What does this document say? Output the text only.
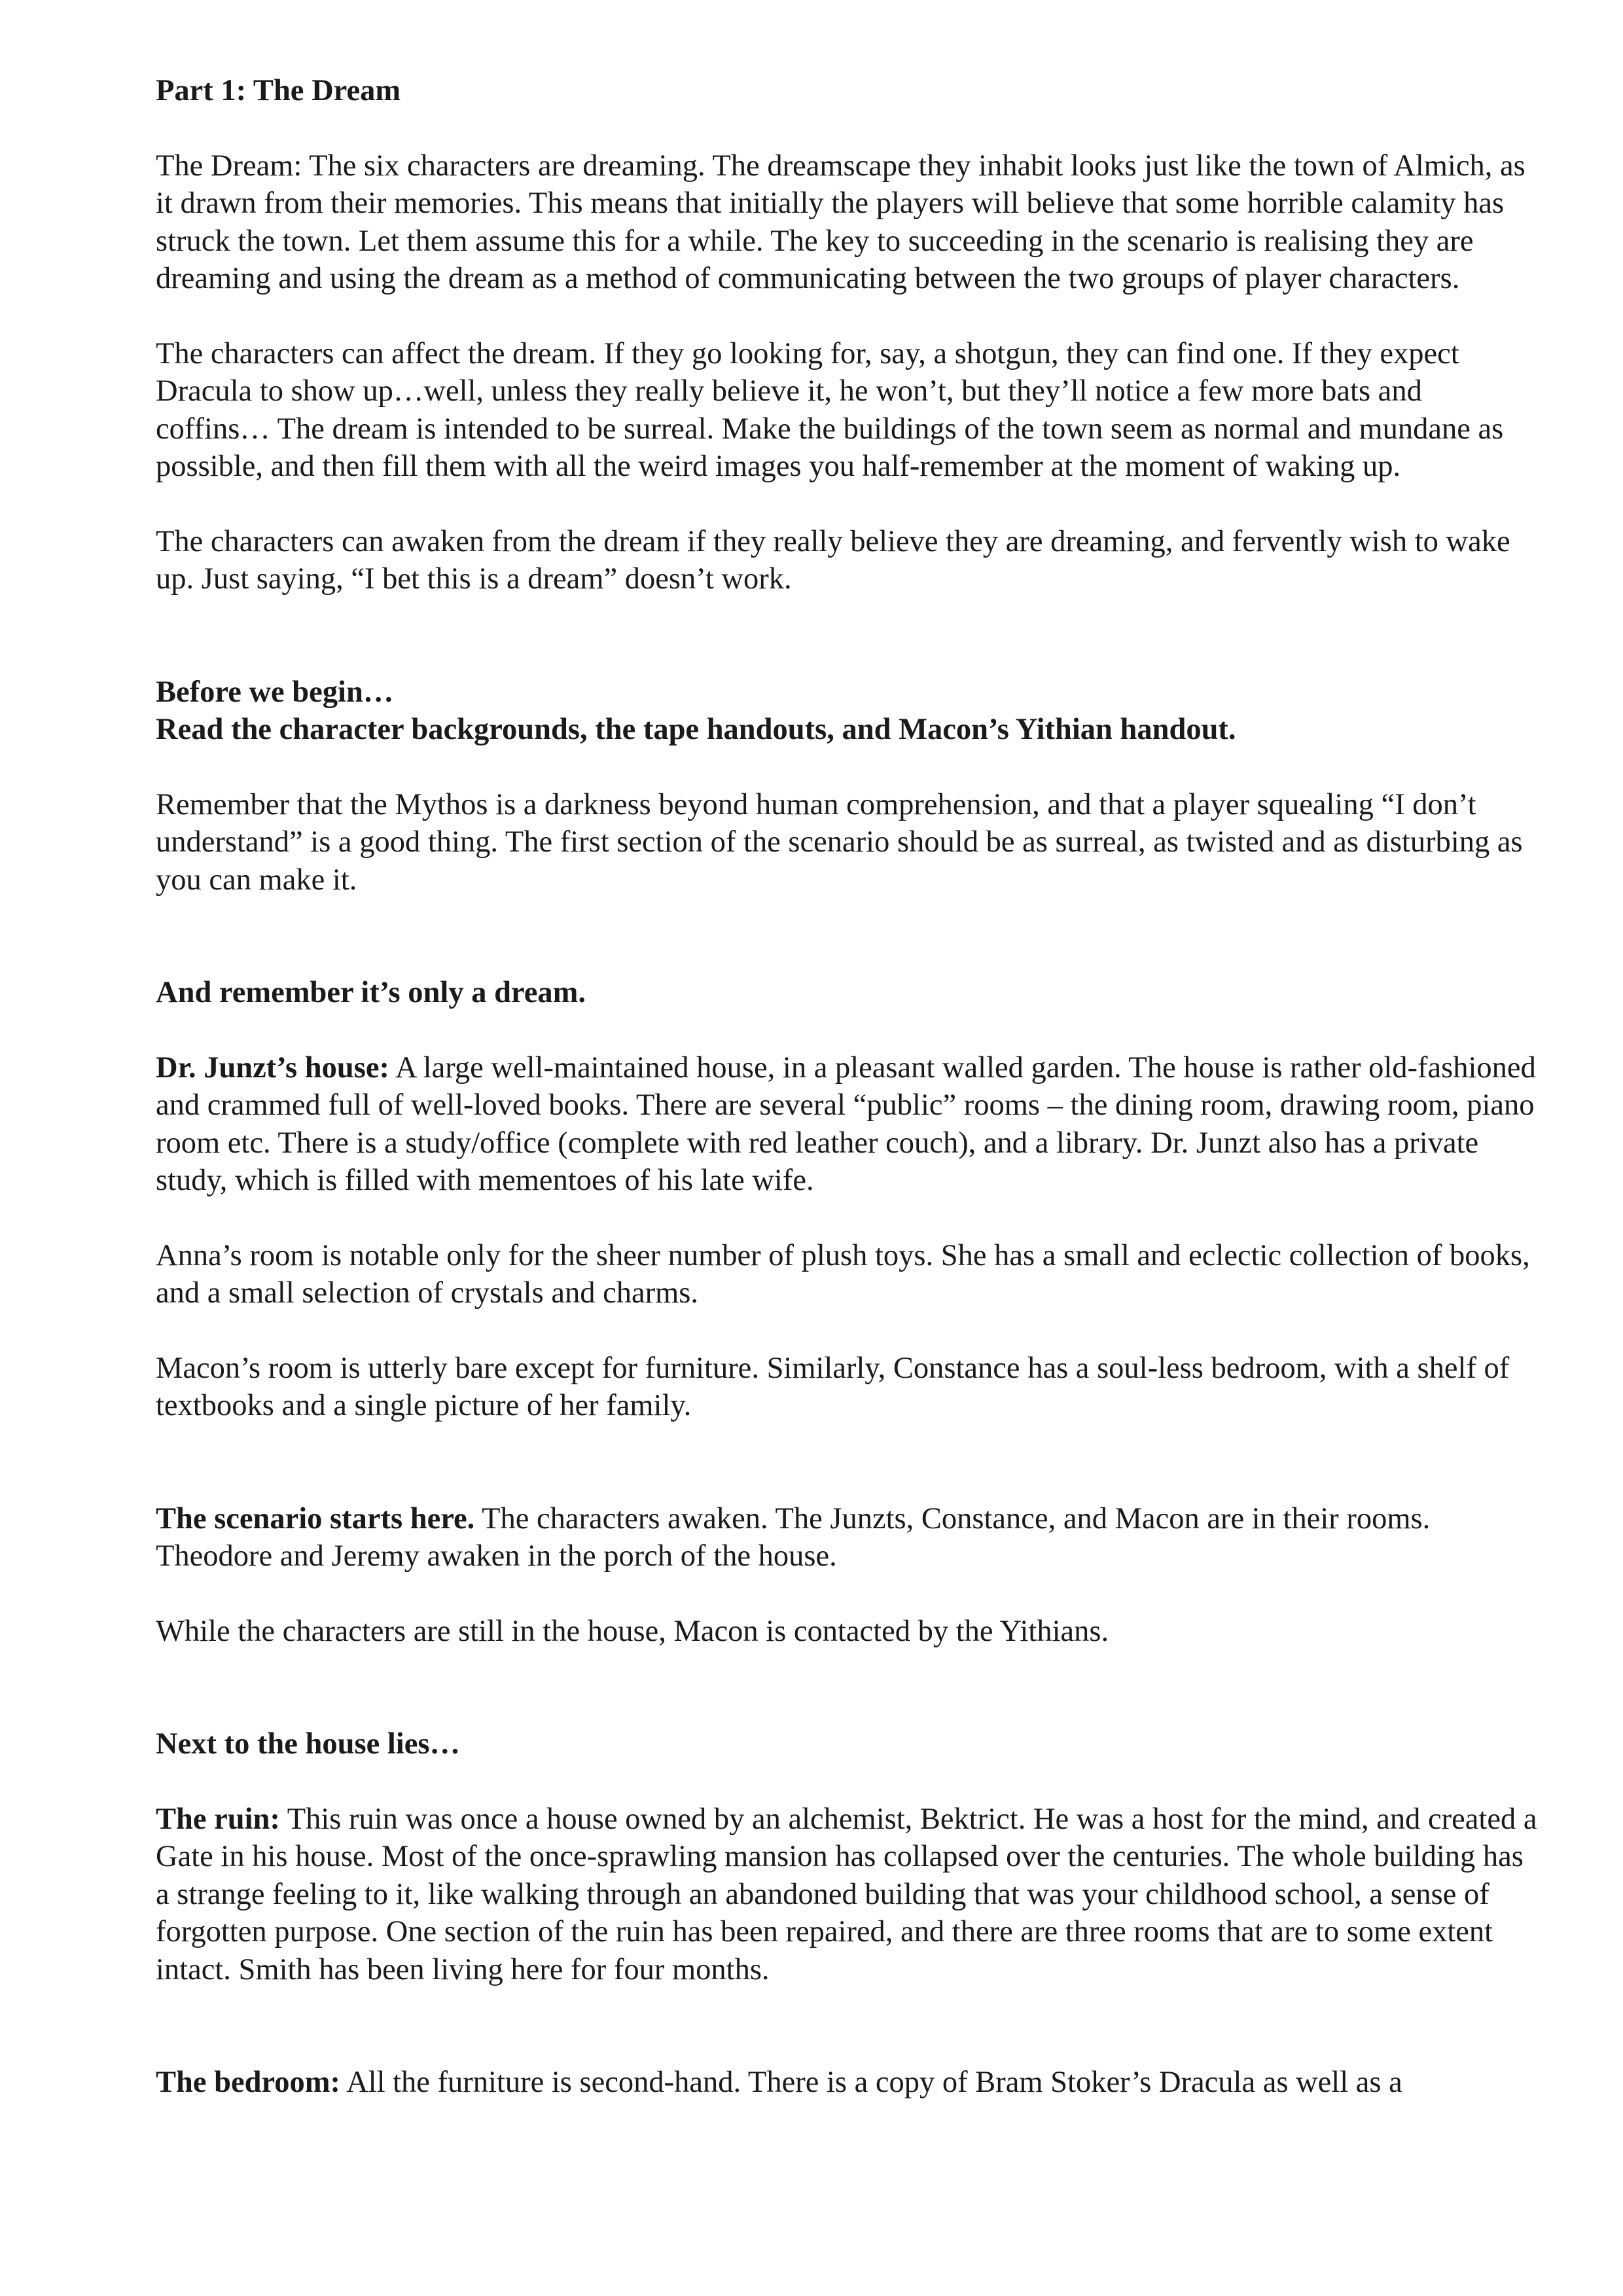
Part 1: The Dream

The Dream: The six characters are dreaming. The dreamscape they inhabit looks just like the town of Almich, as it drawn from their memories. This means that initially the players will believe that some horrible calamity has struck the town. Let them assume this for a while. The key to succeeding in the scenario is realising they are dreaming and using the dream as a method of communicating between the two groups of player characters.

The characters can affect the dream. If they go looking for, say, a shotgun, they can find one. If they expect Dracula to show up…well, unless they really believe it, he won’t, but they’ll notice a few more bats and coffins… The dream is intended to be surreal. Make the buildings of the town seem as normal and mundane as possible, and then fill them with all the weird images you half-remember at the moment of waking up.

The characters can awaken from the dream if they really believe they are dreaming, and fervently wish to wake up. Just saying, “I bet this is a dream” doesn’t work.

Before we begin…

Read the character backgrounds, the tape handouts, and Macon’s Yithian handout.

Remember that the Mythos is a darkness beyond human comprehension, and that a player squealing “I don’t understand” is a good thing. The first section of the scenario should be as surreal, as twisted and as disturbing as you can make it.

And remember it’s only a dream.

Dr. Junzt’s house: A large well-maintained house, in a pleasant walled garden. The house is rather old-fashioned and crammed full of well-loved books. There are several “public” rooms – the dining room, drawing room, piano room etc. There is a study/office (complete with red leather couch), and a library. Dr. Junzt also has a private study, which is filled with mementoes of his late wife.

Anna’s room is notable only for the sheer number of plush toys. She has a small and eclectic collection of books, and a small selection of crystals and charms.

Macon’s room is utterly bare except for furniture. Similarly, Constance has a soul-less bedroom, with a shelf of textbooks and a single picture of her family.

The scenario starts here. The characters awaken. The Junzts, Constance, and Macon are in their rooms. Theodore and Jeremy awaken in the porch of the house.

While the characters are still in the house, Macon is contacted by the Yithians.

Next to the house lies…

The ruin: This ruin was once a house owned by an alchemist, Bektrict. He was a host for the mind, and created a Gate in his house. Most of the once-sprawling mansion has collapsed over the centuries. The whole building has a strange feeling to it, like walking through an abandoned building that was your childhood school, a sense of forgotten purpose. One section of the ruin has been repaired, and there are three rooms that are to some extent intact. Smith has been living here for four months.

The bedroom: All the furniture is second-hand. There is a copy of Bram Stoker’s Dracula as well as a
